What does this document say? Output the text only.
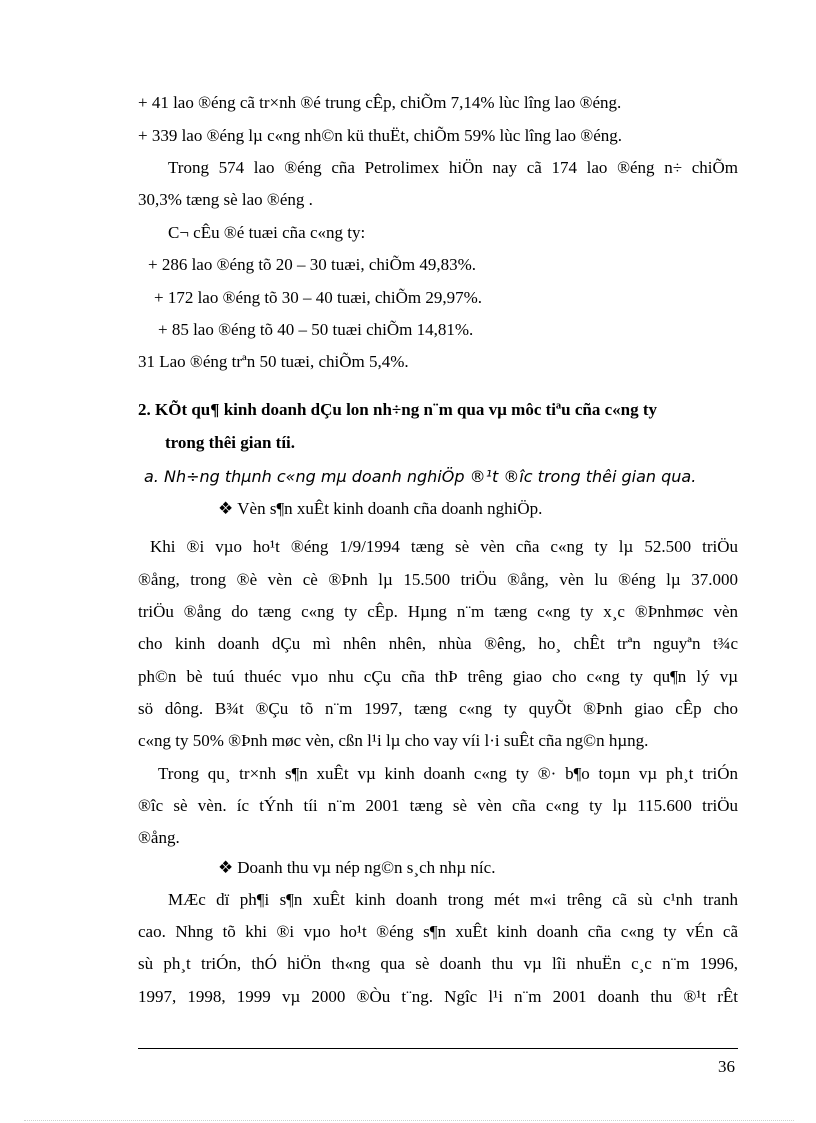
+ 41 lao ®éng cã tr×nh ®é trung cÊp, chiÕm 7,14% lùc lîng lao ®éng.
+ 339 lao ®éng lµ c«ng nh©n kü thuËt, chiÕm 59% lùc lîng lao ®éng.
Trong 574 lao ®éng cña Petrolimex hiÖn nay cã 174 lao ®éng n÷ chiÕm
30,3% tæng sè lao ®éng .
C¬ cÊu ®é tuæi cña c«ng ty:
+ 286 lao ®éng tõ 20 – 30 tuæi, chiÕm 49,83%.
+ 172 lao ®éng tõ 30 – 40 tuæi, chiÕm 29,97%.
+ 85 lao ®éng tõ 40 – 50 tuæi chiÕm 14,81%.
31 Lao ®éng trªn 50 tuæi, chiÕm 5,4%.
2. KÕt qu¶ kinh doanh dÇu lon nh÷ng n¨m qua vµ môc tiªu cña c«ng ty
trong thêi gian tíi.
a. Nh÷ng thµnh c«ng mµ doanh nghiÖp ®¹t ®îc trong thêi gian qua.
❖ Vèn s¶n xuÊt kinh doanh cña doanh nghiÖp.
Khi ®i vµo ho¹t ®éng 1/9/1994 tæng sè vèn cña c«ng ty lµ 52.500 triÖu
®ång, trong ®è vèn cè ®Þnh lµ 15.500 triÖu ®ång, vèn lu ®éng lµ 37.000
triÖu ®ång do tæng c«ng ty cÊp. Hµng n¨m tæng c«ng ty x¸c ®Þnhmøc vèn
cho kinh doanh dÇu mì nhên nhên, nhùa ®êng, ho¸ chÊt trªn nguyªn t¾c
ph©n bè tuú thuéc vµo nhu cÇu cña thÞ trêng giao cho c«ng ty qu¶n lý vµ
sö dông. B¾t ®Çu tõ n¨m 1997, tæng c«ng ty quyÕt ®Þnh giao cÊp cho
c«ng ty 50% ®Þnh møc vèn, cßn l¹i lµ cho vay víi l·i suÊt cña ng©n hµng.
Trong qu¸ tr×nh s¶n xuÊt vµ kinh doanh c«ng ty ®· b¶o toµn vµ ph¸t triÓn
®îc sè vèn. íc tÝnh tíi n¨m 2001 tæng sè vèn cña c«ng ty lµ 115.600 triÖu
®ång.
❖ Doanh thu vµ nép ng©n s¸ch nhµ níc.
MÆc dï ph¶i s¶n xuÊt kinh doanh trong mét m«i trêng cã sù c¹nh tranh
cao. Nhng tõ khi ®i vµo ho¹t ®éng s¶n xuÊt kinh doanh cña c«ng ty vÉn cã
sù ph¸t triÓn, thÓ hiÖn th«ng qua sè doanh thu vµ lîi nhuËn c¸c n¨m 1996,
1997, 1998, 1999 vµ 2000 ®Òu t¨ng. Ngîc l¹i n¨m 2001 doanh thu ®¹t rÊt
36
